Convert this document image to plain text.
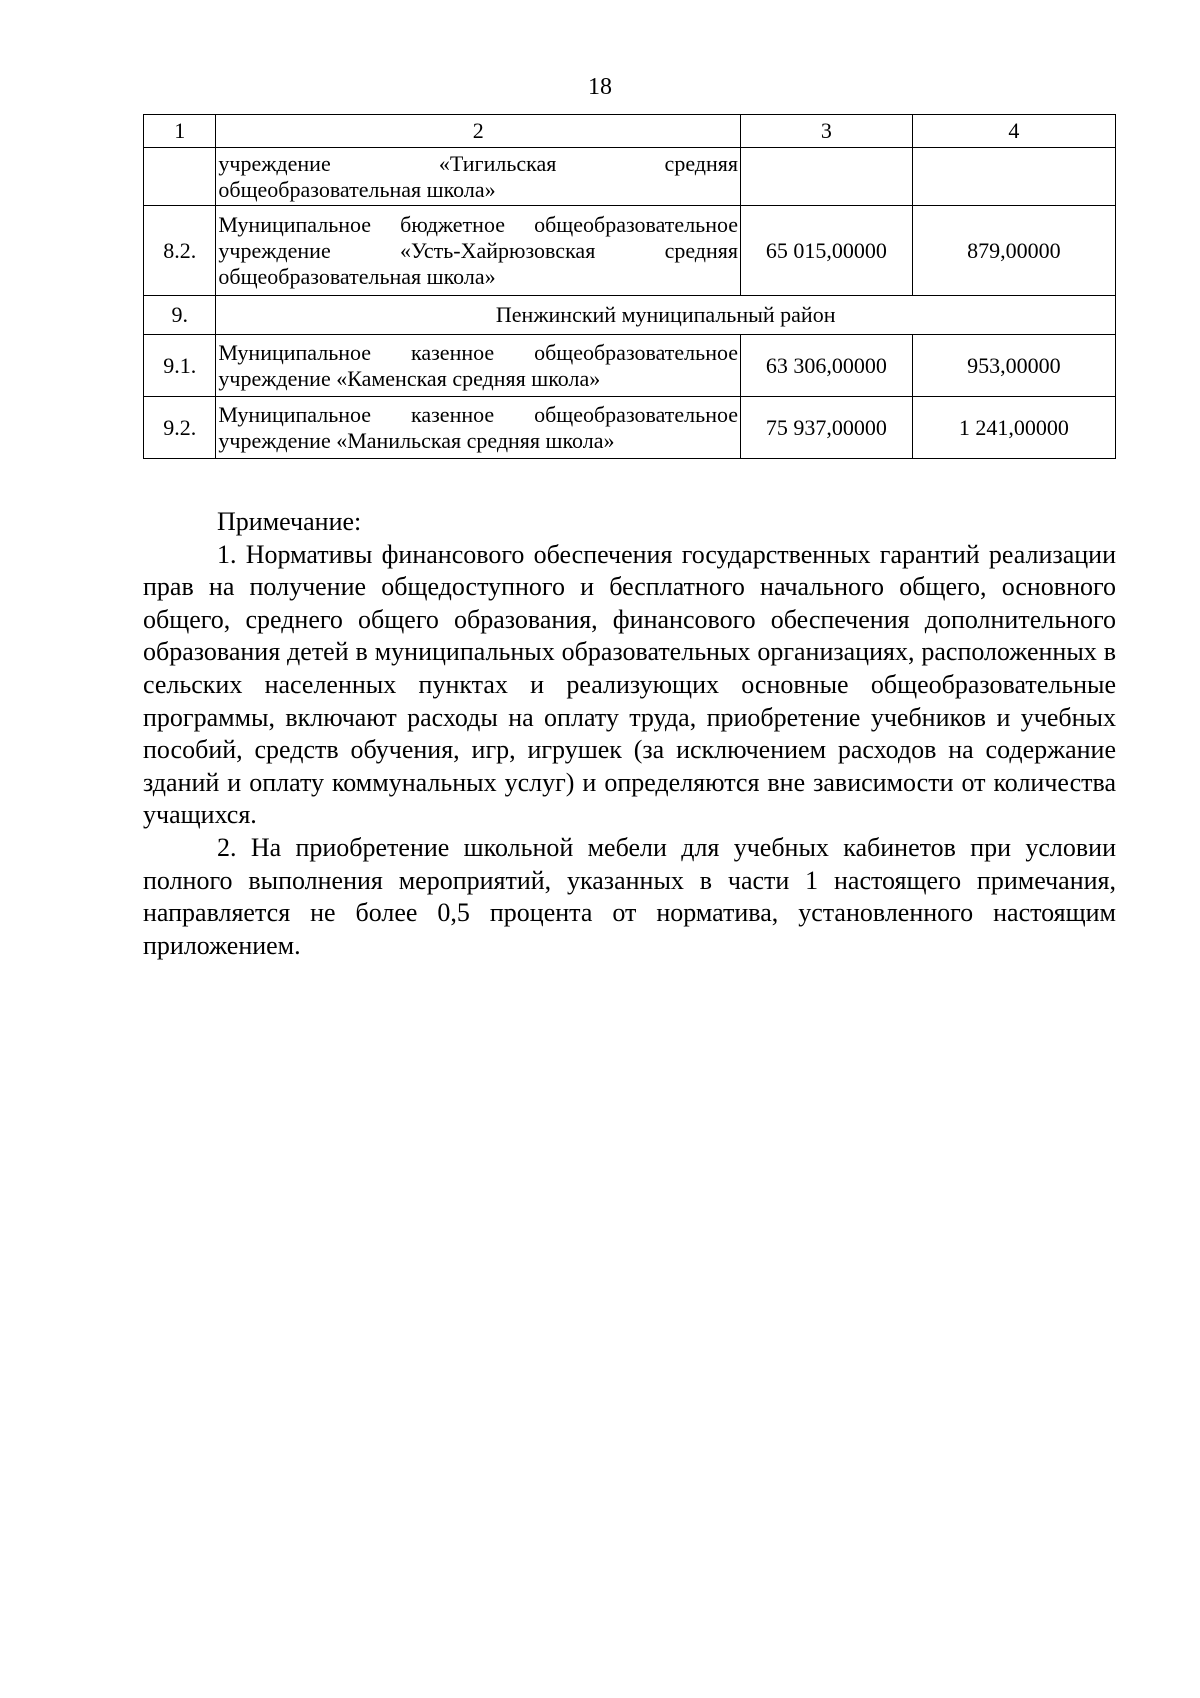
18
1	2	3	4

	учреждение «Тигильская средняя
общеобразовательная школа»		

8.2.	Муниципальное бюджетное общеобразовательное
учреждение «Усть-Хайрюзовская средняя
общеобразовательная школа»	65 015,00000	879,00000
9.	Пенжинский муниципальный район		
9.1.	Муниципальное казенное общеобразовательное
учреждение «Каменская средняя школа»	63 306,00000	953,00000
9.2.	Муниципальное казенное общеобразовательное
учреждение «Манильская средняя школа»	75 937,00000	1 241,00000

Примечание:

1. Нормативы финансового обеспечения государственных гарантий реализации прав на получение общедоступного и бесплатного начального общего, основного общего, среднего общего образования, финансового обеспечения дополнительного образования детей в муниципальных образовательных организациях, расположенных в сельских населенных пунктах и реализующих основные общеобразовательные программы, включают расходы на оплату труда, приобретение учебников и учебных пособий, средств обучения, игр, игрушек (за исключением расходов на содержание зданий и оплату коммунальных услуг) и определяются вне зависимости от количества учащихся.

2. На приобретение школьной мебели для учебных кабинетов при условии полного выполнения мероприятий, указанных в части 1 настоящего примечания, направляется не более 0,5 процента от норматива, установленного настоящим приложением.
